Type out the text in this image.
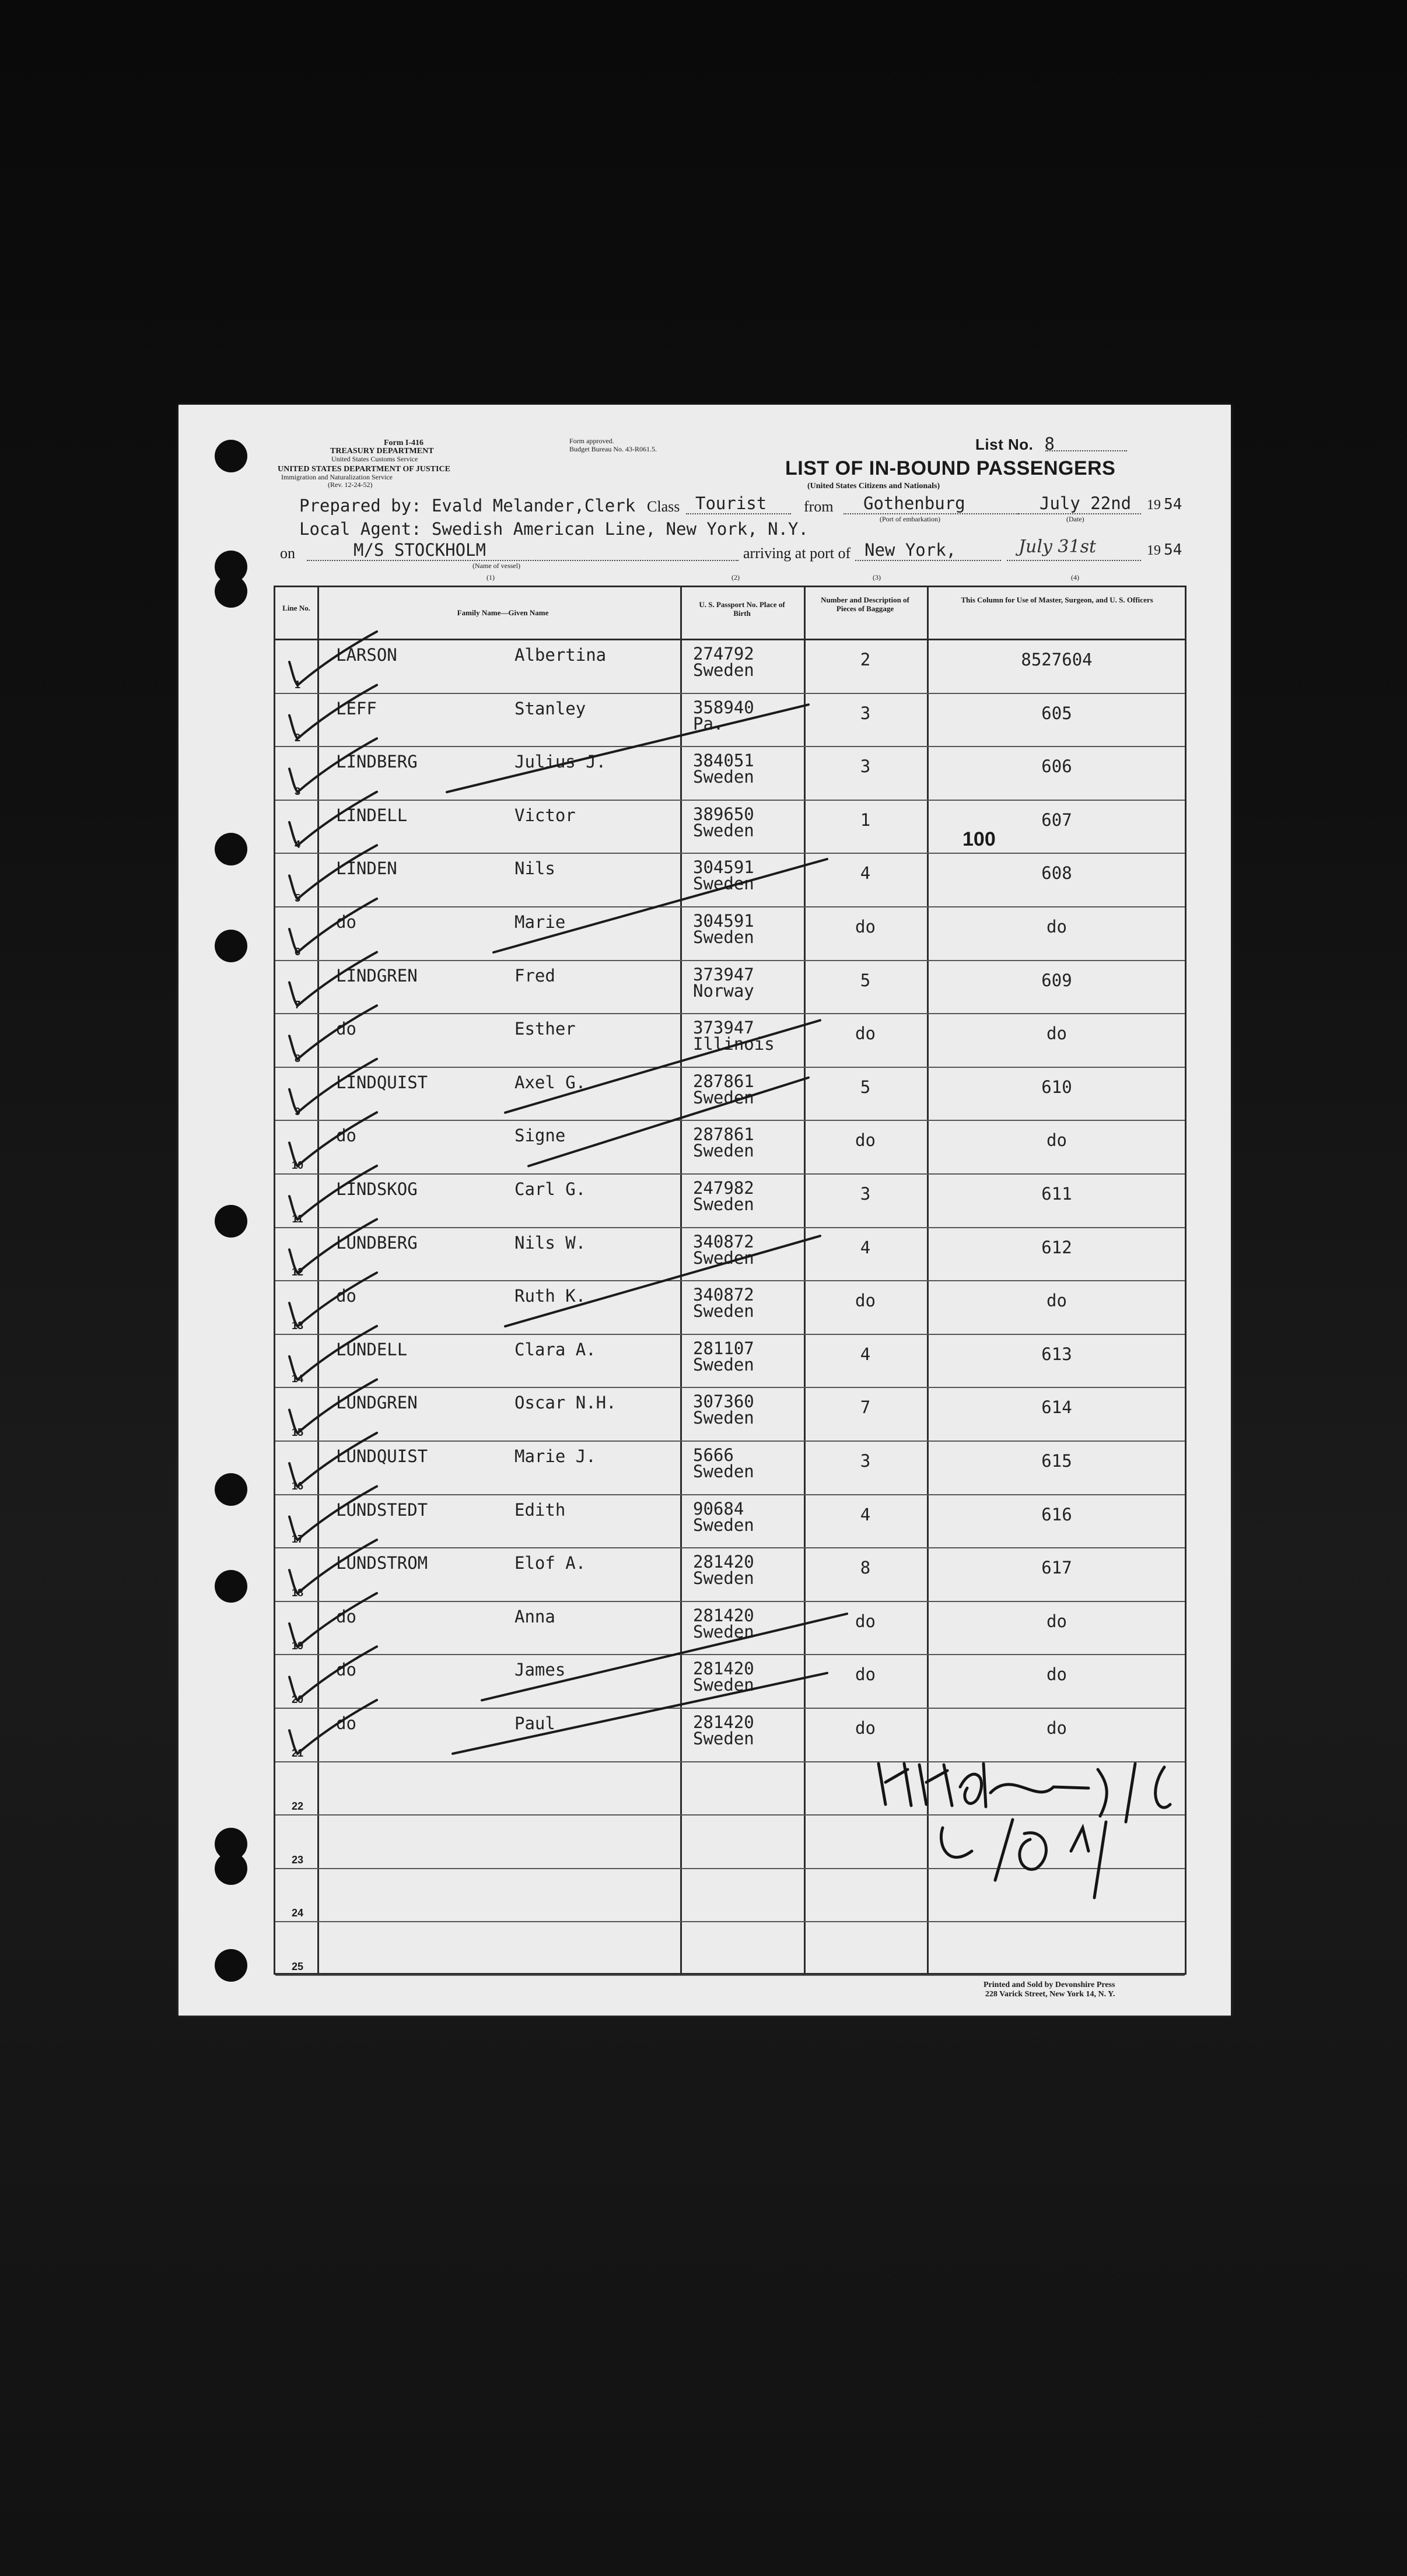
Form I-416
TREASURY DEPARTMENT
United States Customs Service
UNITED STATES DEPARTMENT OF JUSTICE
Immigration and Naturalization Service
(Rev. 12-24-52)
Form approved.
Budget Bureau No. 43-R061.5.
LIST OF IN-BOUND PASSENGERS
(United States Citizens and Nationals)
List No. 8
Prepared by: Evald Melander,Clerk Class Tourist from Gothenburg
(Port of embarkation)
July 22nd
(Date)
19 54
Local Agent: Swedish American Line, New York, N.Y.
on	M/S STOCKHOLM
(Name of vessel)
arriving at port of New York,	July 31st	19 54
(1)	(2)	(3)	(4)
Line No.
Family Name—Given Name
U. S. Passport No. Place of Birth
Number and Description of Pieces of Baggage
This Column for Use of Master, Surgeon, and U. S. Officers
1
LARSON	Albertina	274792
Sweden
2	8527604
2
LEFF	Stanley	358940
Pa.
3	605
3
LINDBERG	Julius J.	384051
Sweden
3	606
4
LINDELL	Victor	389650
Sweden
1	607
5
LINDEN	Nils	304591
Sweden
4	608
6
do	Marie	304591
Sweden
do	do
7
LINDGREN	Fred	373947
Norway
5	609
8
do	Esther	373947
Illinois
do	do
9
LINDQUIST	Axel G.	287861
Sweden
5	610
10
do	Signe	287861
Sweden
do	do
11
LINDSKOG	Carl G.	247982
Sweden
3	611
12
LUNDBERG	Nils W.	340872
Sweden
4	612
13
do	Ruth K.	340872
Sweden
do	do
14
LUNDELL	Clara A.	281107
Sweden
4	613
15
LUNDGREN	Oscar N.H.	307360
Sweden
7	614
16
LUNDQUIST	Marie J.	5666
Sweden
3	615
17
LUNDSTEDT	Edith	90684
Sweden
4	616
18
LUNDSTROM	Elof A.	281420
Sweden
8	617
19
do	Anna	281420
Sweden
do	do
20
do	James	281420
Sweden
do	do
21
do	Paul	281420
Sweden
do	do
22
23
24
25
100
Printed and Sold by Devonshire Press
228 Varick Street, New York 14, N. Y.
